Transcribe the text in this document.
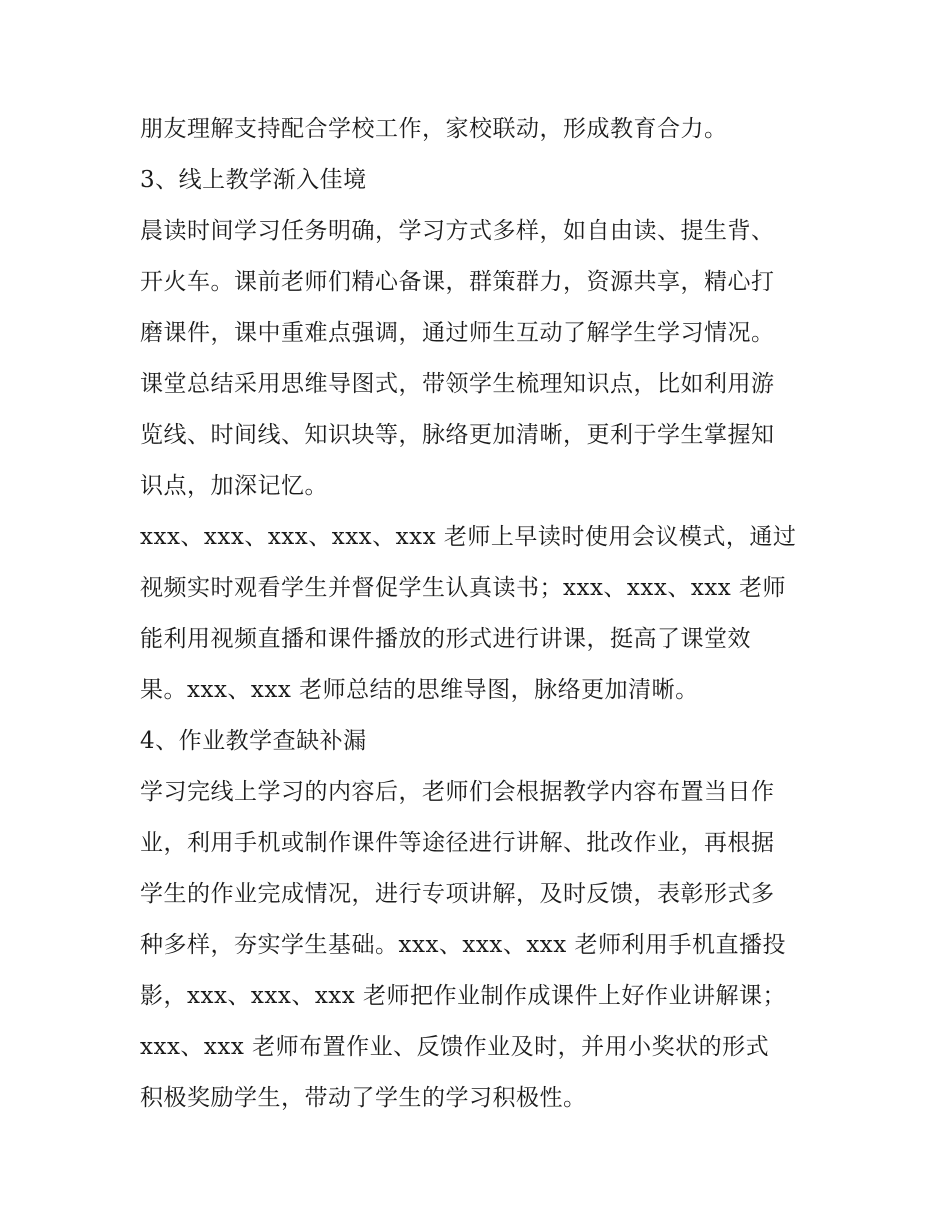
朋友理解支持配合学校工作，家校联动，形成教育合力。
3、线上教学渐入佳境
晨读时间学习任务明确，学习方式多样，如自由读、提生背、
开火车。课前老师们精心备课，群策群力，资源共享，精心打
磨课件，课中重难点强调，通过师生互动了解学生学习情况。
课堂总结采用思维导图式，带领学生梳理知识点，比如利用游
览线、时间线、知识块等，脉络更加清晰，更利于学生掌握知
识点，加深记忆。
xxx、xxx、xxx、xxx、xxx 老师上早读时使用会议模式，通过
视频实时观看学生并督促学生认真读书；xxx、xxx、xxx 老师
能利用视频直播和课件播放的形式进行讲课，挺高了课堂效
果。xxx、xxx 老师总结的思维导图，脉络更加清晰。
4、作业教学查缺补漏
学习完线上学习的内容后，老师们会根据教学内容布置当日作
业，利用手机或制作课件等途径进行讲解、批改作业，再根据
学生的作业完成情况，进行专项讲解，及时反馈，表彰形式多
种多样，夯实学生基础。xxx、xxx、xxx 老师利用手机直播投
影，xxx、xxx、xxx 老师把作业制作成课件上好作业讲解课；
xxx、xxx 老师布置作业、反馈作业及时，并用小奖状的形式
积极奖励学生，带动了学生的学习积极性。
